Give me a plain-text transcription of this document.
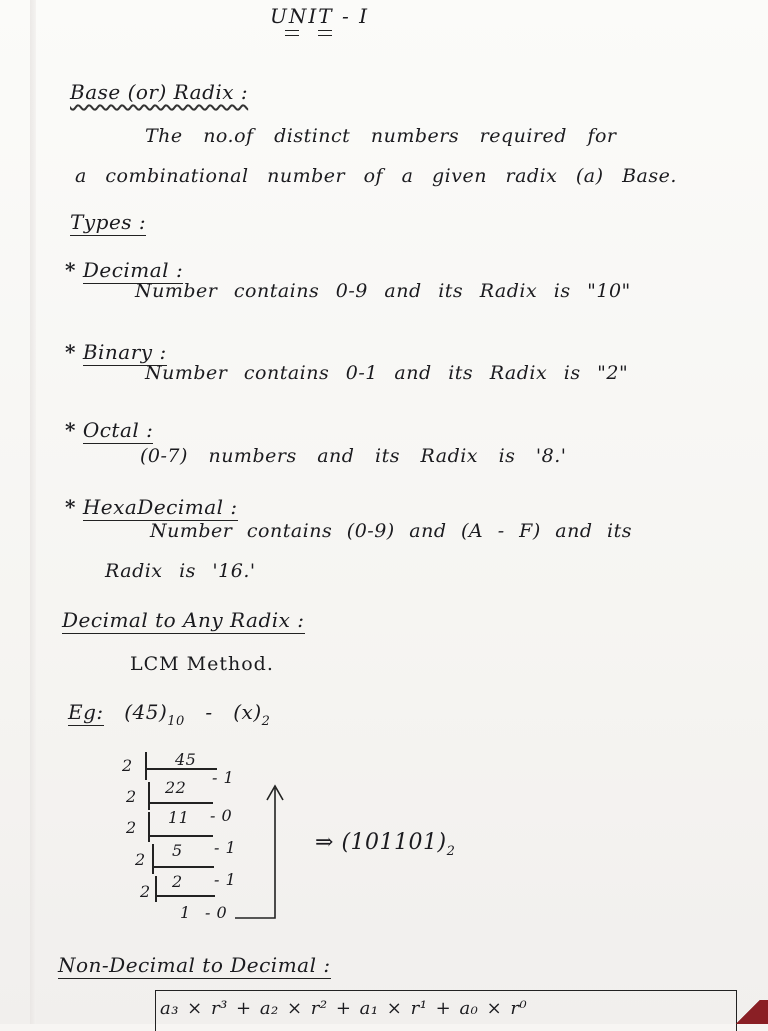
UNIT - I
Base (or) Radix :
The no.of distinct numbers required for
a combinational number of a given radix (a) Base.
Types :
* Decimal :
Number contains 0-9 and its Radix is "10"
* Binary :
Number contains 0-1 and its Radix is "2"
* Octal :
(0-7) numbers and its Radix is '8.'
* HexaDecimal :
Number contains (0-9) and (A - F) and its
Radix is '16.'
Decimal to Any Radix :
LCM Method.
Eg: $(45)_{10} - (x)_2$
2
2
2
2
2
45
22
11
5
2
1
- 1
- 0
- 1
- 1
- 0
⇒ $(101101)_2$
Non-Decimal to Decimal :
a₃ × r³ + a₂ × r² + a₁ × r¹ + a₀ × r⁰
